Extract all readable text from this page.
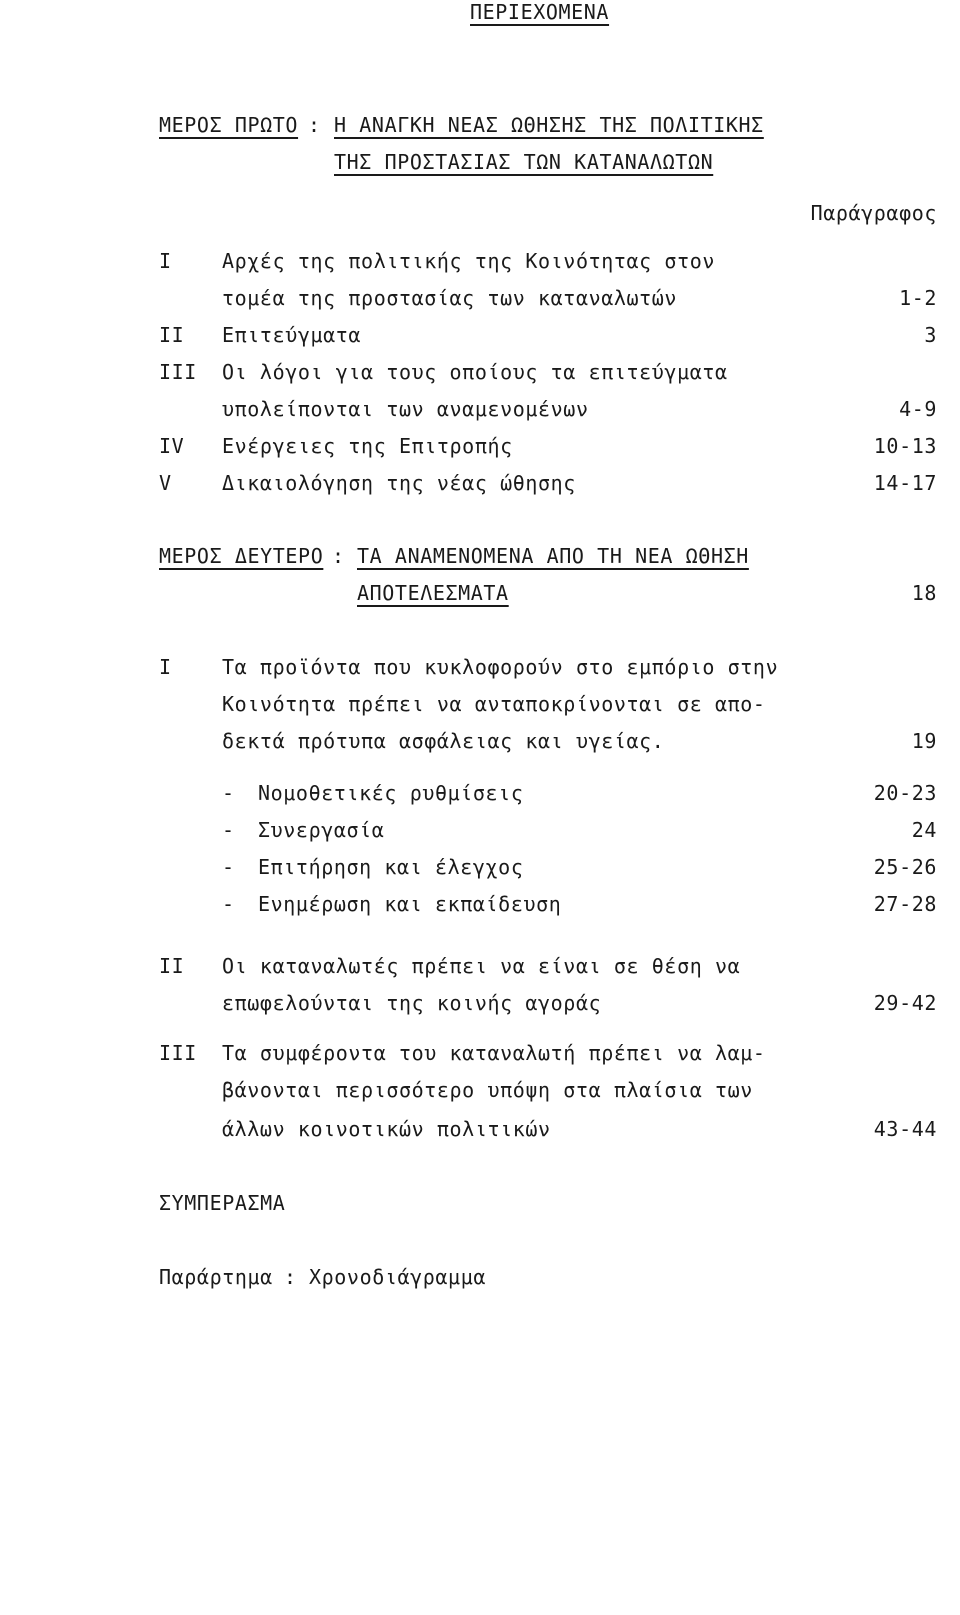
ΠΕΡΙΕΧΟΜΕΝΑ
ΜΕΡΟΣ ΠΡΩΤΟ : Η ΑΝΑΓΚΗ ΝΕΑΣ ΩΘΗΣΗΣ ΤΗΣ ΠΟΛΙΤΙΚΗΣ
ΤΗΣ ΠΡΟΣΤΑΣΙΑΣ ΤΩΝ ΚΑΤΑΝΑΛΩΤΩΝ
Παράγραφος
I	Αρχές της πολιτικής της Κοινότητας στον
τομέα της προστασίας των καταναλωτών	1-2
II Επιτεύγματα	3
III Οι λόγοι για τους οποίους τα επιτεύγματα
υπολείπονται των αναμενομένων	4-9
IV Ενέργειες της Επιτροπής	10-13
V	Δικαιολόγηση της νέας ώθησης	14-17
ΜΕΡΟΣ ΔΕΥΤΕΡΟ : ΤΑ ΑΝΑΜΕΝΟΜΕΝΑ ΑΠΟ ΤΗ ΝΕΑ ΩΘΗΣΗ
ΑΠΟΤΕΛΕΣΜΑΤΑ	18
I	Τα προϊόντα που κυκλοφορούν στο εμπόριο στην
Κοινότητα πρέπει να ανταποκρίνονται σε απο-
δεκτά πρότυπα ασφάλειας και υγείας.	19
- Νομοθετικές ρυθμίσεις	20-23
- Συνεργασία	24
- Επιτήρηση και έλεγχος	25-26
- Ενημέρωση και εκπαίδευση	27-28
II Οι καταναλωτές πρέπει να είναι σε θέση να
επωφελούνται της κοινής αγοράς	29-42
III Τα συμφέροντα του καταναλωτή πρέπει να λαμ-
βάνονται περισσότερο υπόψη στα πλαίσια των
άλλων κοινοτικών πολιτικών	43-44
ΣΥΜΠΕΡΑΣΜΑ
Παράρτημα : Χρονοδιάγραμμα
